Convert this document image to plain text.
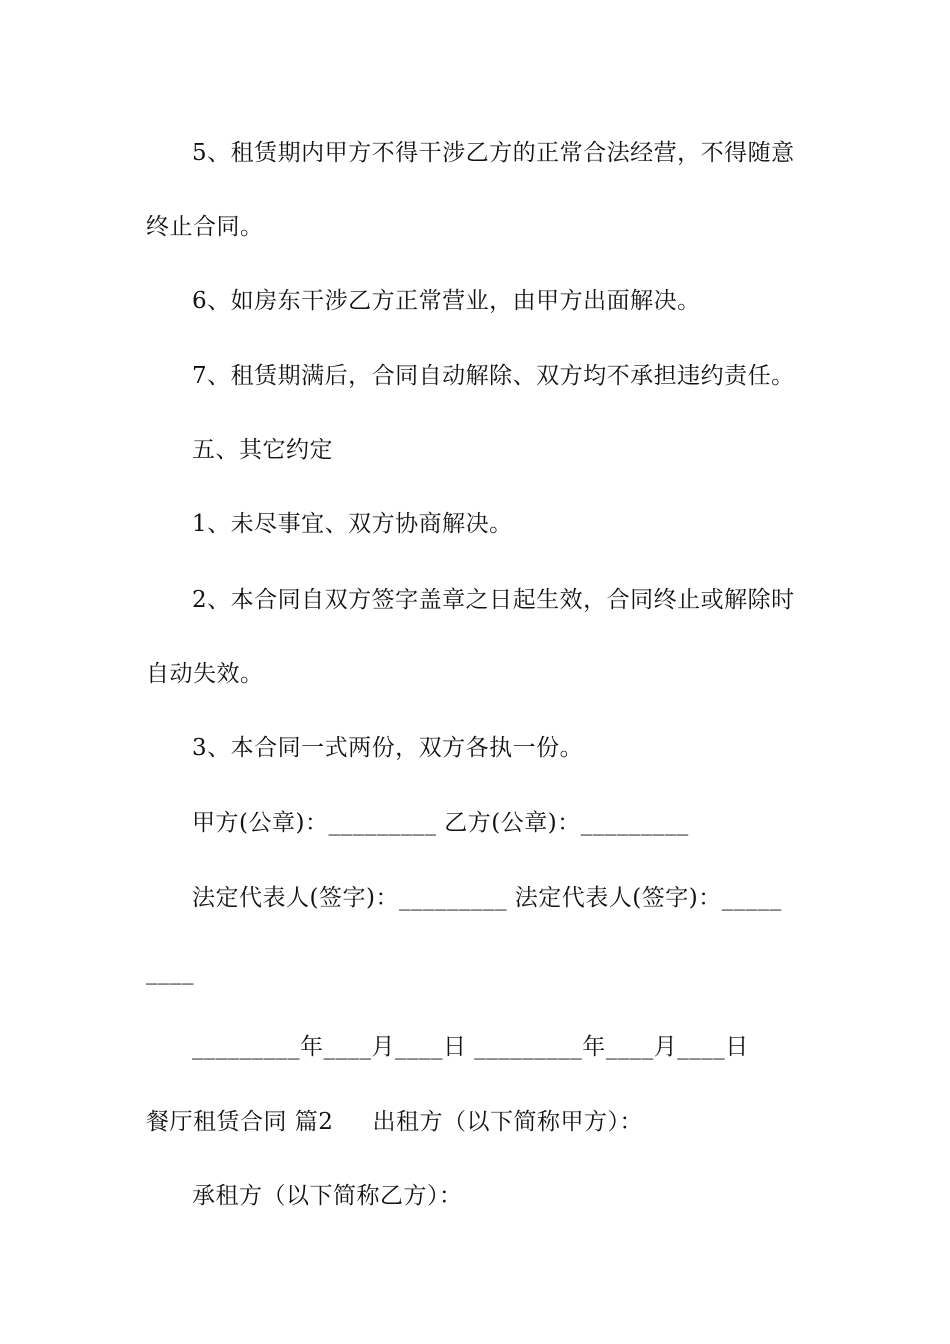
5、租赁期内甲方不得干涉乙方的正常合法经营，不得随意
终止合同。
6、如房东干涉乙方正常营业，由甲方出面解决。
7、租赁期满后，合同自动解除、双方均不承担违约责任。
五、其它约定
1、未尽事宜、双方协商解决。
2、本合同自双方签字盖章之日起生效，合同终止或解除时
自动失效。
3、本合同一式两份，双方各执一份。
甲方(公章)：_________ 乙方(公章)：_________
法定代表人(签字)：_________ 法定代表人(签字)：_____
____
_________年____月____日 _________年____月____日
餐厅租赁合同 篇2     出租方（以下简称甲方）：
承租方（以下简称乙方）：
